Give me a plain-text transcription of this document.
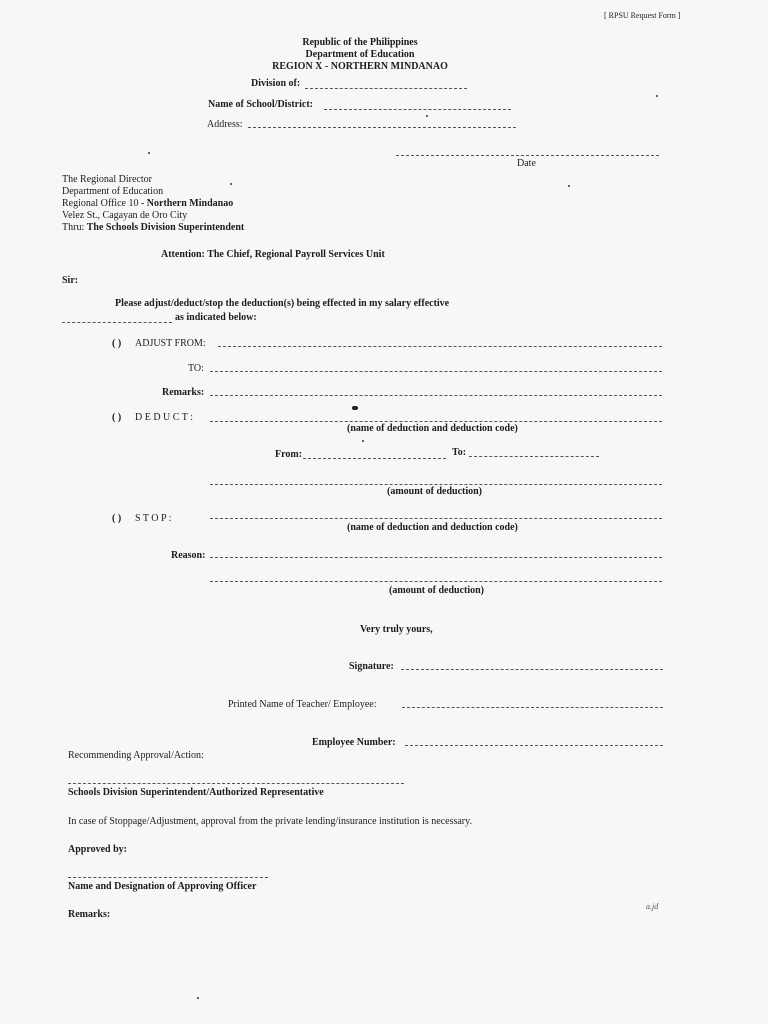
[ RPSU Request Form ]
Republic of the Philippines
Department of Education
REGION X - NORTHERN MINDANAO
Division of:
Name of School/District:
Address:
Date
The Regional Director
Department of Education
Regional Office 10 - Northern Mindanao
Velez St., Cagayan de Oro City
Thru: The Schools Division Superintendent
Attention: The Chief, Regional Payroll Services Unit
Sir:
Please adjust/deduct/stop the deduction(s) being effected in my salary effective
as indicated below:
( ) ADJUST FROM:
TO:
Remarks:
( ) D E D U C T :
(name of deduction and deduction code)
From:	To:
(amount of deduction)
( ) S T O P :
(name of deduction and deduction code)
Reason:
(amount of deduction)
Very truly yours,
Signature:
Printed Name of Teacher/ Employee:
Employee Number:
Recommending Approval/Action:
Schools Division Superintendent/Authorized Representative
In case of Stoppage/Adjustment, approval from the private lending/insurance institution is necessary.
Approved by:
Name and Designation of Approving Officer
Remarks:
a.jd
